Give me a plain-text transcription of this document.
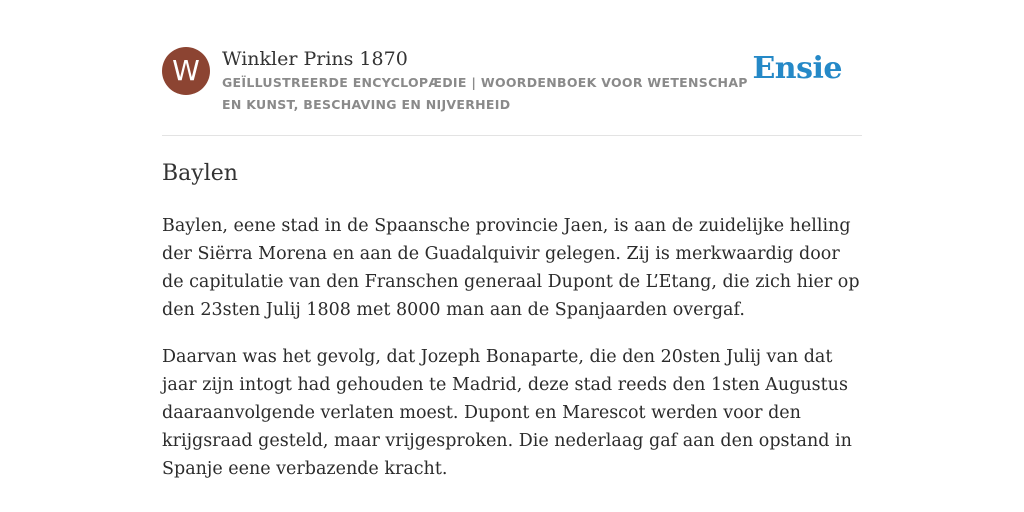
W	Winkler Prins 1870
GEÏLLUSTREERDE ENCYCLOPÆDIE | WOORDENBOEK VOOR WETENSCHAP EN KUNST, BESCHAVING EN NIJVERHEID
Ensie
Baylen

Baylen, eene stad in de Spaansche provincie Jaen, is aan de zuidelijke helling der Siërra Morena en aan de Guadalquivir gelegen. Zij is merkwaardig door de capitulatie van den Franschen generaal Dupont de L’Etang, die zich hier op den 23sten Julij 1808 met 8000 man aan de Spanjaarden overgaf.

Daarvan was het gevolg, dat Jozeph Bonaparte, die den 20sten Julij van dat jaar zijn intogt had gehouden te Madrid, deze stad reeds den 1sten Augustus daaraanvolgende verlaten moest. Dupont en Marescot werden voor den krijgsraad gesteld, maar vrijgesproken. Die nederlaag gaf aan den opstand in Spanje eene verbazende kracht.
